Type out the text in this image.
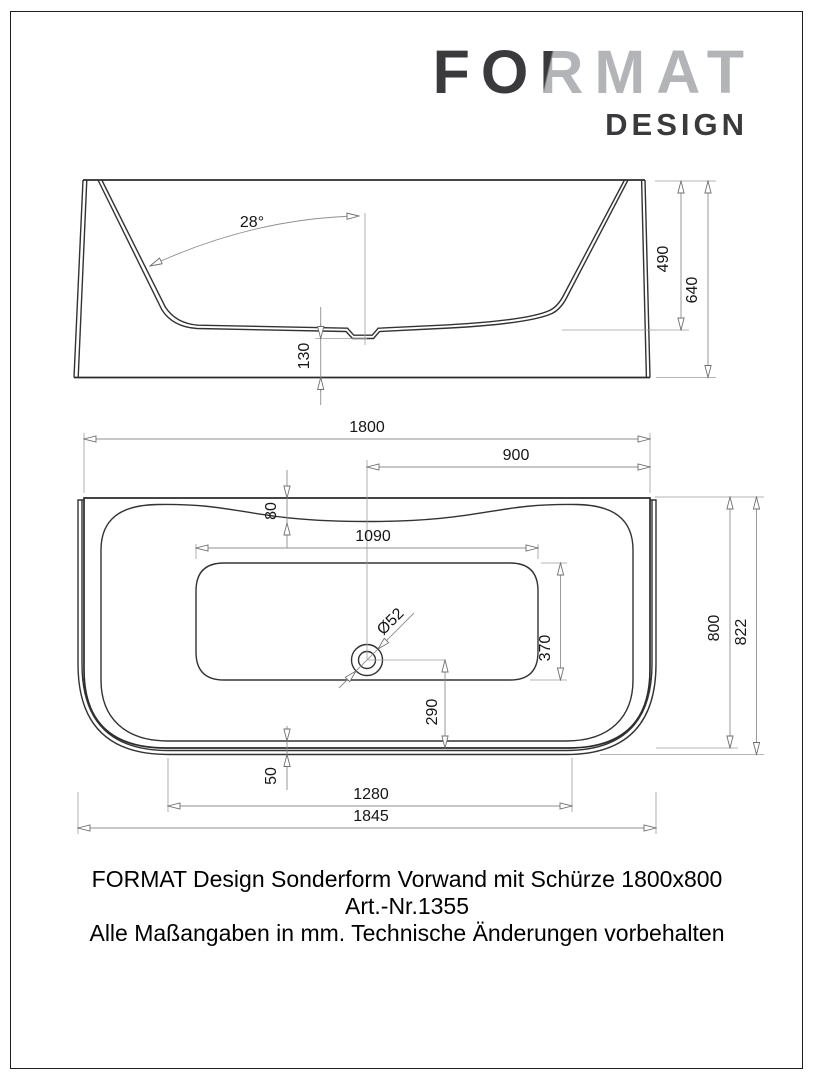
FORMAT
DESIGN
28°
130
490
640
1800
900
80
1090
Ø52
370
290
50
1280
1845
800 822
FORMAT Design Sonderform Vorwand mit Schürze 1800x800
Art.-Nr.1355
Alle Maßangaben in mm. Technische Änderungen vorbehalten
